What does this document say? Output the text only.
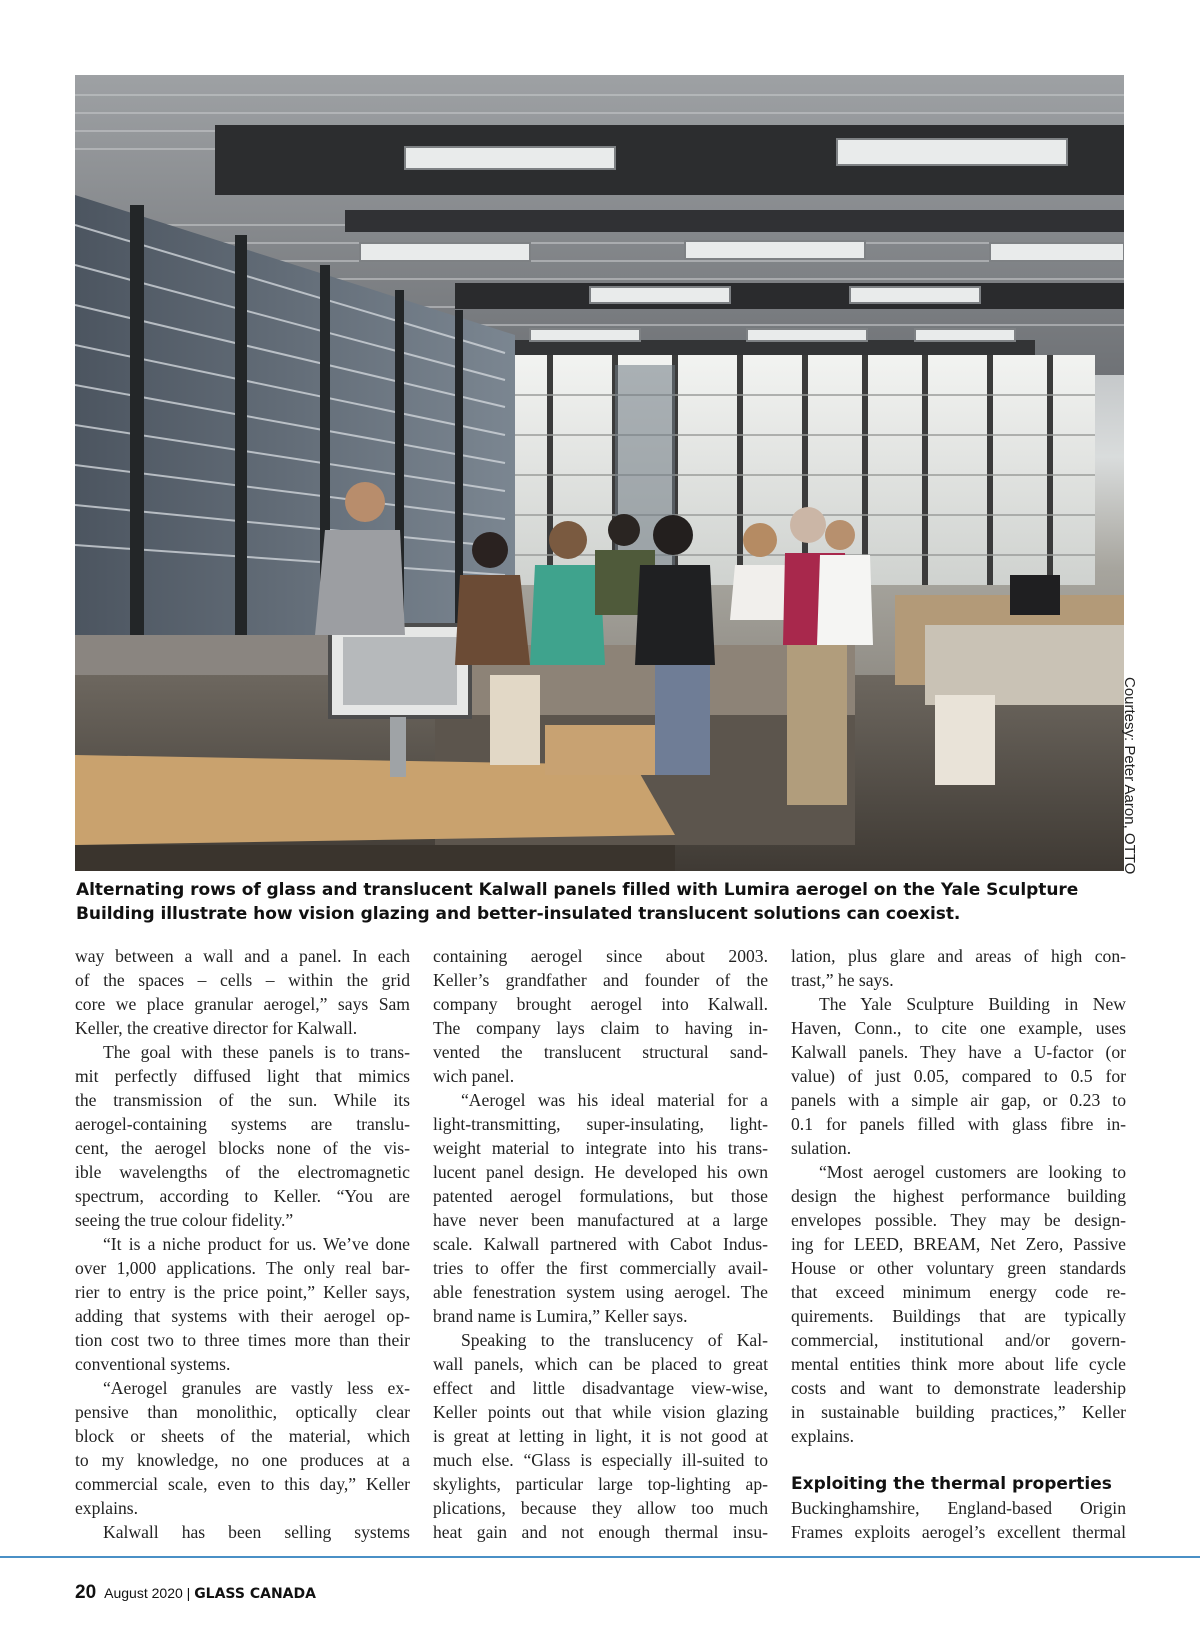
Courtesy: Peter Aaron, OTTO
Alternating rows of glass and translucent Kalwall panels filled with Lumira aerogel on the Yale Sculpture
Building illustrate how vision glazing and better-insulated translucent solutions can coexist.
way between a wall and a panel. In each
of the spaces – cells – within the grid
core we place granular aerogel,” says Sam
Keller, the creative director for Kalwall.
The goal with these panels is to trans-
mit perfectly diffused light that mimics
the transmission of the sun. While its
aerogel-containing systems are translu-
cent, the aerogel blocks none of the vis-
ible wavelengths of the electromagnetic
spectrum, according to Keller. “You are
seeing the true colour fidelity.”
“It is a niche product for us. We’ve done
over 1,000 applications. The only real bar-
rier to entry is the price point,” Keller says,
adding that systems with their aerogel op-
tion cost two to three times more than their
conventional systems.
“Aerogel granules are vastly less ex-
pensive than monolithic, optically clear
block or sheets of the material, which
to my knowledge, no one produces at a
commercial scale, even to this day,” Keller
explains.
Kalwall has been selling systems
containing aerogel since about 2003.
Keller’s grandfather and founder of the
company brought aerogel into Kalwall.
The company lays claim to having in-
vented the translucent structural sand-
wich panel.
“Aerogel was his ideal material for a
light-transmitting, super-insulating, light-
weight material to integrate into his trans-
lucent panel design. He developed his own
patented aerogel formulations, but those
have never been manufactured at a large
scale. Kalwall partnered with Cabot Indus-
tries to offer the first commercially avail-
able fenestration system using aerogel. The
brand name is Lumira,” Keller says.
Speaking to the translucency of Kal-
wall panels, which can be placed to great
effect and little disadvantage view-wise,
Keller points out that while vision glazing
is great at letting in light, it is not good at
much else. “Glass is especially ill-suited to
skylights, particular large top-lighting ap-
plications, because they allow too much
heat gain and not enough thermal insu-
lation, plus glare and areas of high con-
trast,” he says.
The Yale Sculpture Building in New
Haven, Conn., to cite one example, uses
Kalwall panels. They have a U-factor (or
value) of just 0.05, compared to 0.5 for
panels with a simple air gap, or 0.23 to
0.1 for panels filled with glass fibre in-
sulation.
“Most aerogel customers are looking to
design the highest performance building
envelopes possible. They may be design-
ing for LEED, BREAM, Net Zero, Passive
House or other voluntary green standards
that exceed minimum energy code re-
quirements. Buildings that are typically
commercial, institutional and/or govern-
mental entities think more about life cycle
costs and want to demonstrate leadership
in sustainable building practices,” Keller
explains.
Exploiting the thermal properties
Buckinghamshire, England-based Origin
Frames exploits aerogel’s excellent thermal
20 August 2020 | GLASS CANADA
